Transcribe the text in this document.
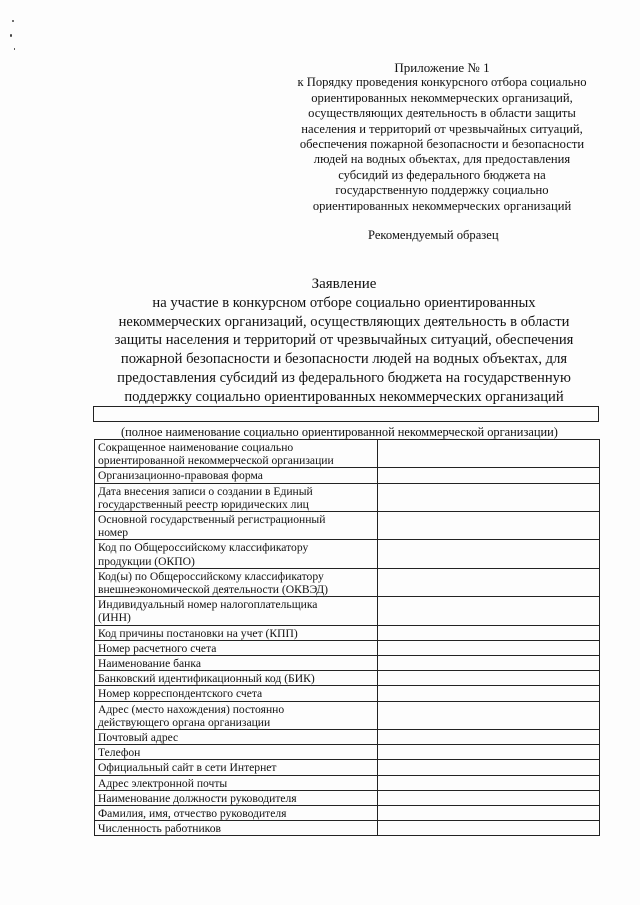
Приложение № 1
к Порядку проведения конкурсного отбора социально
ориентированных некоммерческих организаций,
осуществляющих деятельность в области защиты
населения и территорий от чрезвычайных ситуаций,
обеспечения пожарной безопасности и безопасности
людей на водных объектах, для предоставления
субсидий из федерального бюджета на
государственную поддержку социально
ориентированных некоммерческих организаций
Рекомендуемый образец
Заявление
на участие в конкурсном отборе социально ориентированных
некоммерческих организаций, осуществляющих деятельность в области
защиты населения и территорий от чрезвычайных ситуаций, обеспечения
пожарной безопасности и безопасности людей на водных объектах, для
предоставления субсидий из федерального бюджета на государственную
поддержку социально ориентированных некоммерческих организаций
(полное наименование социально ориентированной некоммерческой организации)
Сокращенное наименование социально
ориентированной некоммерческой организации	

Организационно-правовая форма	

Дата внесения записи о создании в Единый
государственный реестр юридических лиц	

Основной государственный регистрационный
номер	

Код по Общероссийскому классификатору
продукции (ОКПО)	

Код(ы) по Общероссийскому классификатору
внешнеэкономической деятельности (ОКВЭД)	

Индивидуальный номер налогоплательщика
(ИНН)	

Код причины постановки на учет (КПП)	

Номер расчетного счета	

Наименование банка	

Банковский идентификационный код (БИК)	

Номер корреспондентского счета	

Адрес (место нахождения) постоянно
действующего органа организации	

Почтовый адрес	

Телефон	

Официальный сайт в сети Интернет	

Адрес электронной почты	

Наименование должности руководителя	

Фамилия, имя, отчество руководителя	

Численность работников	
